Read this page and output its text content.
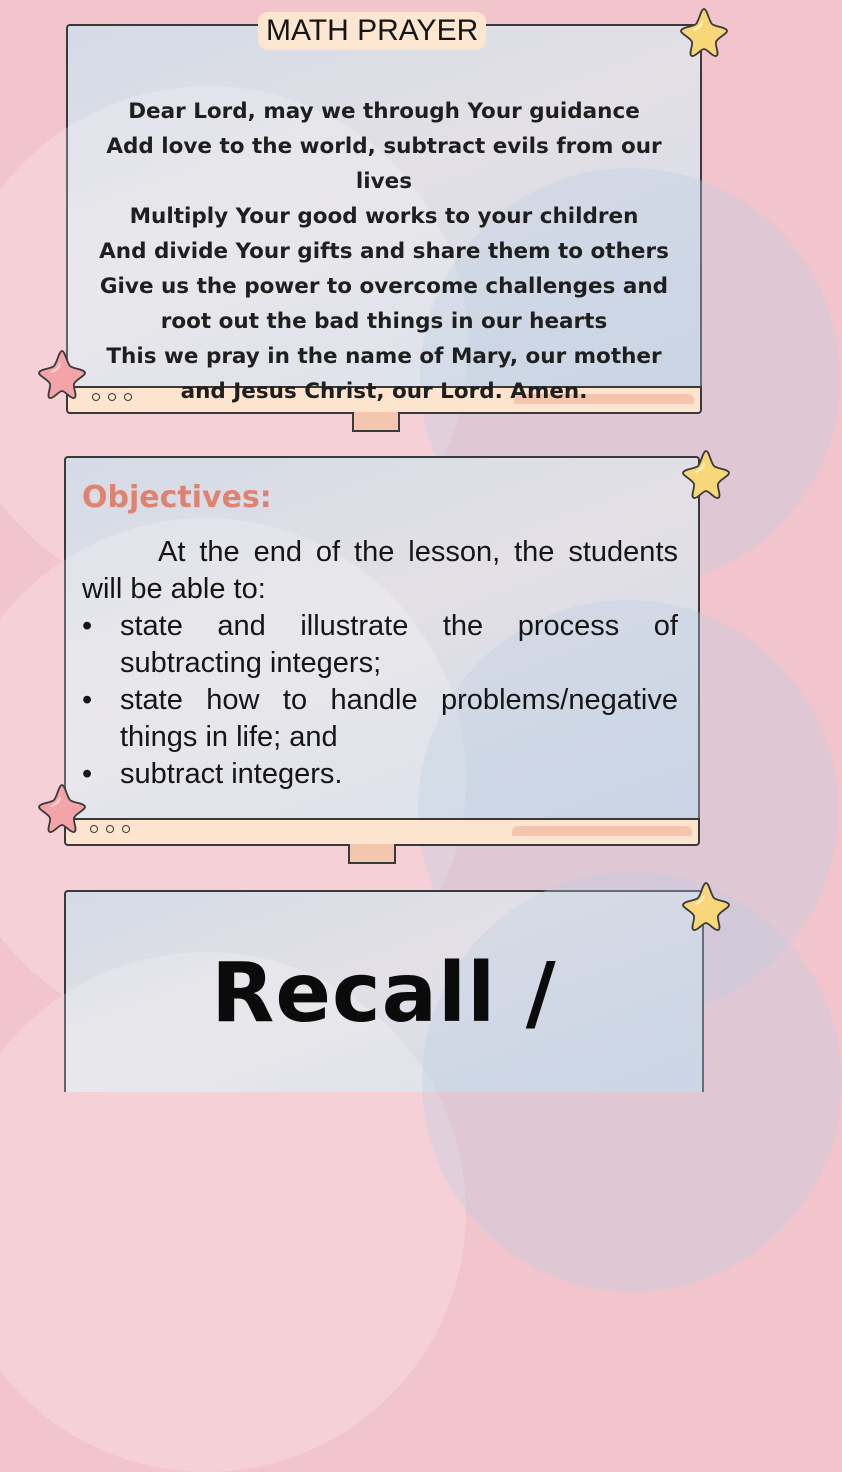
Dear Lord, may we through Your guidance
Add love to the world, subtract evils from our
lives
Multiply Your good works to your children
And divide Your gifts and share them to others
Give us the power to overcome challenges and
root out the bad things in our hearts
This we pray in the name of Mary, our mother
and Jesus Christ, our Lord. Amen.
MATH PRAYER
Objectives:

At the end of the lesson, the students will be able to:

• state and illustrate the process of subtracting integers;
• state how to handle problems/negative things in life; and
• subtract integers.
Recall /
